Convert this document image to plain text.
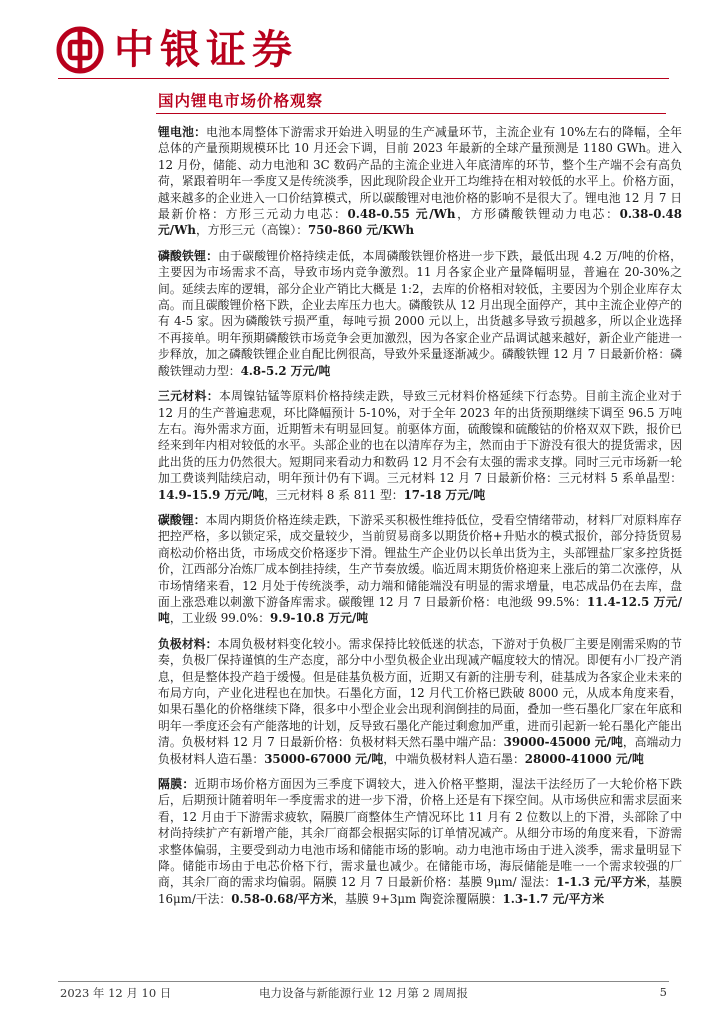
中银证券
国内锂电市场价格观察

锂电池：电池本周整体下游需求开始进入明显的生产减量环节，主流企业有 10%左右的降幅，全年总体的产量预期规模环比 10 月还会下调，目前 2023 年最新的全球产量预测是 1180 GWh。进入 12 月份，储能、动力电池和 3C 数码产品的主流企业进入年底清库的环节，整个生产端不会有高负荷，紧跟着明年一季度又是传统淡季，因此现阶段企业开工均维持在相对较低的水平上。价格方面，越来越多的企业进入一口价结算模式，所以碳酸锂对电池价格的影响不是很大了。锂电池 12 月 7 日最新价格：方形三元动力电芯：0.48-0.55 元/Wh，方形磷酸铁锂动力电芯：0.38-0.48 元/Wh，方形三元（高镍）：750-860 元/KWh

磷酸铁锂：由于碳酸锂价格持续走低，本周磷酸铁锂价格进一步下跌，最低出现 4.2 万/吨的价格，主要因为市场需求不高，导致市场内竞争激烈。11 月各家企业产量降幅明显，普遍在 20-30%之间。延续去库的逻辑，部分企业产销比大概是 1:2，去库的价格相对较低，主要因为个别企业库存太高。而且碳酸锂价格下跌，企业去库压力也大。磷酸铁从 12 月出现全面停产，其中主流企业停产的有 4-5 家。因为磷酸铁亏损严重，每吨亏损 2000 元以上，出货越多导致亏损越多，所以企业选择不再接单。明年预期磷酸铁市场竞争会更加激烈，因为各家企业产品调试越来越好，新企业产能进一步释放，加之磷酸铁锂企业自配比例很高，导致外采量逐渐减少。磷酸铁锂 12 月 7 日最新价格：磷酸铁锂动力型：4.8-5.2 万元/吨

三元材料：本周镍钴锰等原料价格持续走跌，导致三元材料价格延续下行态势。目前主流企业对于 12 月的生产普遍悲观，环比降幅预计 5-10%，对于全年 2023 年的出货预期继续下调至 96.5 万吨左右。海外需求方面，近期暂未有明显回复。前驱体方面，硫酸镍和硫酸钴的价格双双下跌，报价已经来到年内相对较低的水平。头部企业的也在以清库存为主，然而由于下游没有很大的提货需求，因此出货的压力仍然很大。短期同来看动力和数码 12 月不会有太强的需求支撑。同时三元市场新一轮加工费谈判陆续启动，明年预计仍有下调。三元材料 12 月 7 日最新价格：三元材料 5 系单晶型：14.9-15.9 万元/吨，三元材料 8 系 811 型：17-18 万元/吨

碳酸锂：本周内期货价格连续走跌，下游采买积极性维持低位，受看空情绪带动，材料厂对原料库存把控严格，多以锁定采，成交量较少，当前贸易商多以期货价格+升贴水的模式报价，部分持货贸易商松动价格出货，市场成交价格逐步下滑。锂盐生产企业仍以长单出货为主，头部锂盐厂家多控货挺价，江西部分冶炼厂成本倒挂持续，生产节奏放缓。临近周末期货价格迎来上涨后的第二次涨停，从市场情绪来看，12 月处于传统淡季，动力端和储能端没有明显的需求增量，电芯成品仍在去库，盘面上涨恐难以刺激下游备库需求。碳酸锂 12 月 7 日最新价格：电池级 99.5%：11.4-12.5 万元/吨，工业级 99.0%：9.9-10.8 万元/吨

负极材料：本周负极材料变化较小。需求保持比较低迷的状态，下游对于负极厂主要是刚需采购的节奏，负极厂保持谨慎的生产态度，部分中小型负极企业出现减产幅度较大的情况。即便有小厂投产消息，但是整体投产趋于缓慢。但是硅基负极方面，近期又有新的注册专利，硅基成为各家企业未来的布局方向，产业化进程也在加快。石墨化方面，12 月代工价格已跌破 8000 元，从成本角度来看，如果石墨化的价格继续下降，很多中小型企业会出现利润倒挂的局面，叠加一些石墨化厂家在年底和明年一季度还会有产能落地的计划，反导致石墨化产能过剩愈加严重，进而引起新一轮石墨化产能出清。负极材料 12 月 7 日最新价格：负极材料天然石墨中端产品：39000-45000 元/吨，高端动力负极材料人造石墨：35000-67000 元/吨，中端负极材料人造石墨：28000-41000 元/吨

隔膜：近期市场价格方面因为三季度下调较大，进入价格平整期，湿法干法经历了一大轮价格下跌后，后期预计随着明年一季度需求的进一步下滑，价格上还是有下探空间。从市场供应和需求层面来看，12 月由于下游需求疲软，隔膜厂商整体生产情况环比 11 月有 2 位数以上的下滑，头部除了中材尚持续扩产有新增产能，其余厂商都会根据实际的订单情况减产。从细分市场的角度来看，下游需求整体偏弱，主要受到动力电池市场和储能市场的影响。动力电池市场由于进入淡季，需求量明显下降。储能市场由于电芯价格下行，需求量也减少。在储能市场，海辰储能是唯一一个需求较强的厂商，其余厂商的需求均偏弱。隔膜 12 月 7 日最新价格：基膜 9μm/ 湿法：1-1.3 元/平方米，基膜 16μm/干法：0.58-0.68/平方米，基膜 9+3μm 陶瓷涂覆隔膜：1.3-1.7 元/平方米

2023 年 12 月 10 日	电力设备与新能源行业 12 月第 2 周周报	5
